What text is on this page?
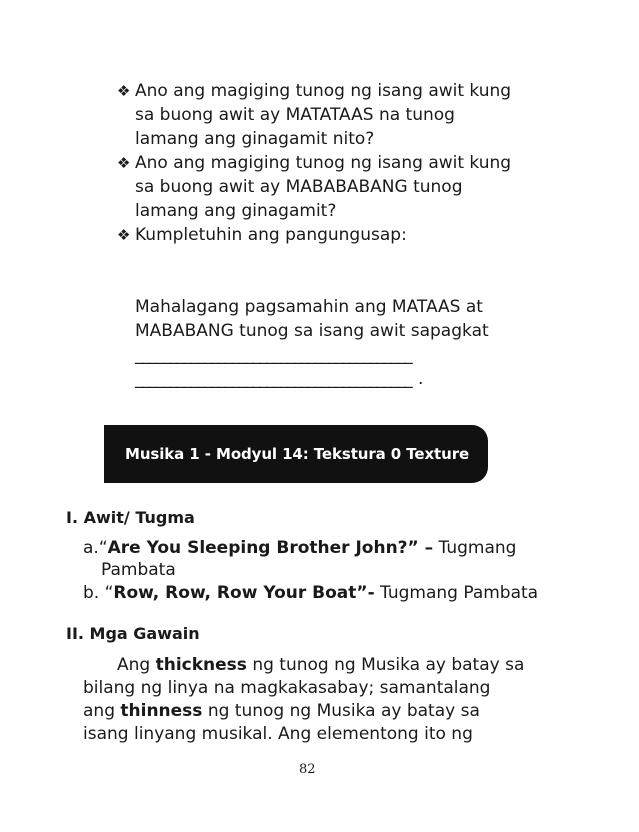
❖ Ano ang magiging tunog ng isang awit kung
sa buong awit ay MATATAAS na tunog
lamang ang ginagamit nito?
❖ Ano ang magiging tunog ng isang awit kung
sa buong awit ay MABABABANG tunog
lamang ang ginagamit?
❖ Kumpletuhin ang pangungusap:
Mahalagang pagsamahin ang MATAAS at
MABABANG tunog sa isang awit sapagkat
________________________________________
________________________________________ .
Musika 1 - Modyul 14: Tekstura 0 Texture
I. Awit/ Tugma
a.“Are You Sleeping Brother John?” – Tugmang
Pambata
b. “Row, Row, Row Your Boat”- Tugmang Pambata
II. Mga Gawain
Ang thickness ng tunog ng Musika ay batay sa
bilang ng linya na magkakasabay; samantalang
ang thinness ng tunog ng Musika ay batay sa
isang linyang musikal. Ang elementong ito ng
82
